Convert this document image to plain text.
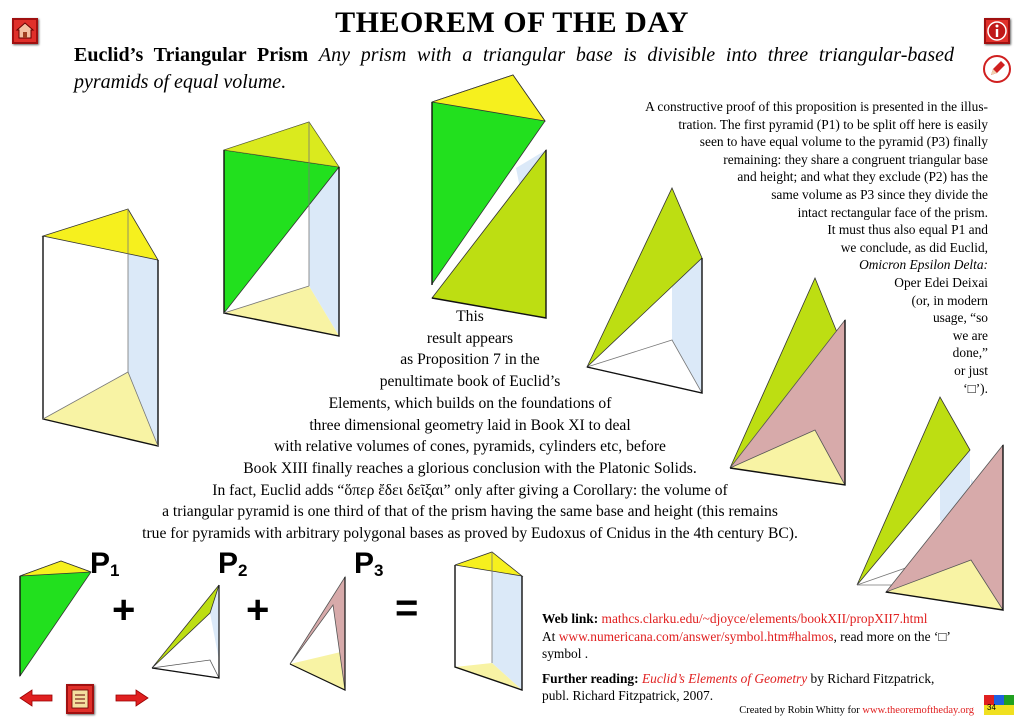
THEOREM OF THE DAY
Euclid’s Triangular Prism Any prism with a triangular base is divisible into three triangular-based pyramids of equal volume.
A constructive proof of this proposition is presented in the illus-
tration. The first pyramid (P1) to be split off here is easily
seen to have equal volume to the pyramid (P3) finally
remaining: they share a congruent triangular base
and height; and what they exclude (P2) has the
same volume as P3 since they divide the
intact rectangular face of the prism.
It must thus also equal P1 and
we conclude, as did Euclid,
Omicron Epsilon Delta:
Oper Edei Deixai
(or, in modern
usage, “so
we are
done,”
or just
‘□’).
This
result appears
as Proposition 7 in the
penultimate book of Euclid’s
Elements, which builds on the foundations of
three dimensional geometry laid in Book XI to deal
with relative volumes of cones, pyramids, cylinders etc, before
Book XIII finally reaches a glorious conclusion with the Platonic Solids.
In fact, Euclid adds “ὅπερ ἔδει δεῖξαι” only after giving a Corollary: the volume of
a triangular pyramid is one third of that of the prism having the same base and height (this remains
true for pyramids with arbitrary polygonal bases as proved by Eudoxus of Cnidus in the 4th century BC).
$P_1$	$P_2$	$P_3$
+	+	=	Web link: mathcs.clarku.edu/~djoyce/elements/bookXII/propXII7.html
At www.numericana.com/answer/symbol.htm#halmos, read more on the ‘□’
symbol .
Further reading: Euclid’s Elements of Geometry by Richard Fitzpatrick,
publ. Richard Fitzpatrick, 2007.
Created by Robin Whitty for www.theoremoftheday.org 34
